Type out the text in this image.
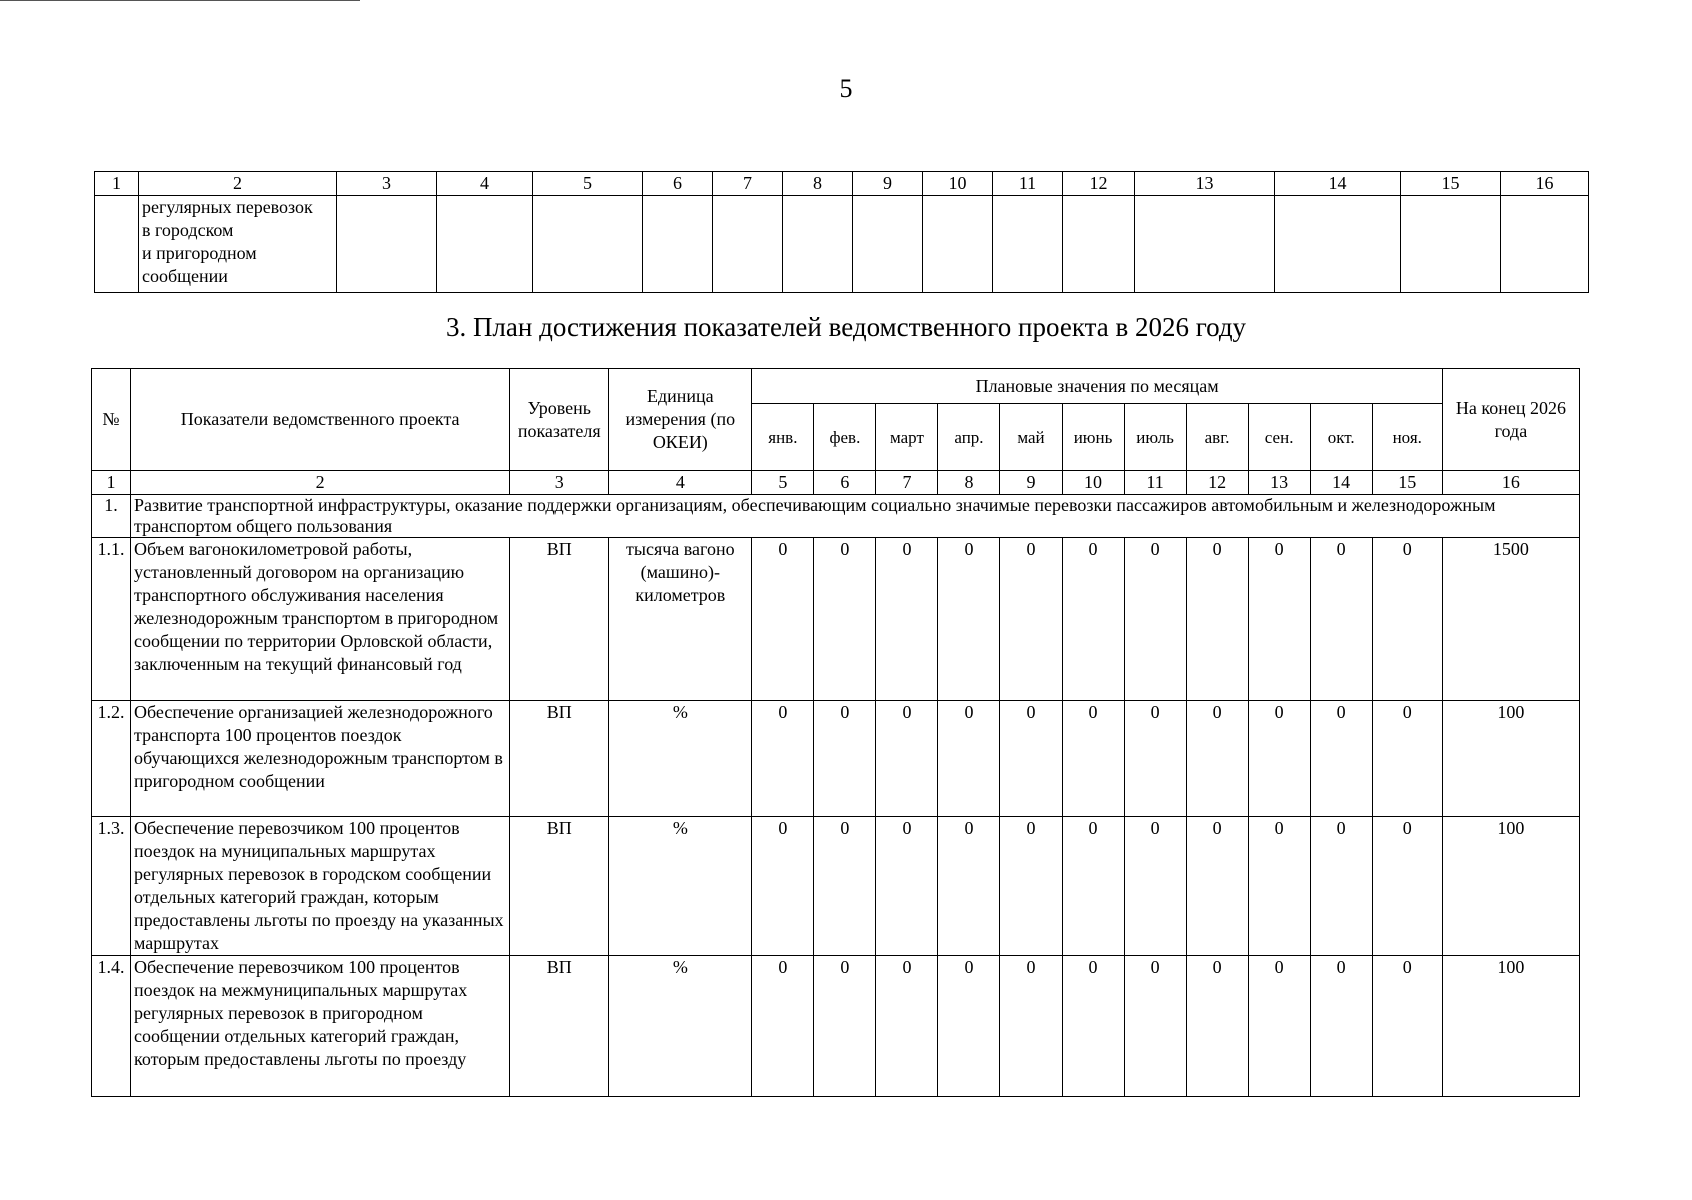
5
1	2	3	4	5	6	7	8	9	10	11	12	13	14	15	16

	регулярных перевозок
в городском
и пригородном
сообщении														

3. План достижения показателей ведомственного проекта в 2026 году
№	Показатели ведомственного проекта	Уровень показателя	Единица измерения (по ОКЕИ)	Плановые значения по месяцам											На конец 2026 года
				янв.	фев.	март	апр.	май	июнь	июль	авг.	сен.	окт.	ноя.	
1	2	3	4	5	6	7	8	9	10	11	12	13	14	15	16
1.	Развитие транспортной инфраструктуры, оказание поддержки организациям, обеспечивающим социально значимые перевозки пассажиров автомобильным и железнодорожным транспортом общего пользования														
1.1.	Объем вагонокилометровой работы, установленный договором на организацию транспортного обслуживания населения железнодорожным транспортом в пригородном сообщении по территории Орловской области, заключенным на текущий финансовый год	ВП	тысяча вагоно (машино)-километров	0	0	0	0	0	0	0	0	0	0	0	1500
1.2.	Обеспечение организацией железнодорожного транспорта 100 процентов поездок обучающихся железнодорожным транспортом в пригородном сообщении	ВП	%	0	0	0	0	0	0	0	0	0	0	0	100
1.3.	Обеспечение перевозчиком 100 процентов поездок на муниципальных маршрутах регулярных перевозок в городском сообщении отдельных категорий граждан, которым предоставлены льготы по проезду на указанных маршрутах	ВП	%	0	0	0	0	0	0	0	0	0	0	0	100
1.4.	Обеспечение перевозчиком 100 процентов поездок на межмуниципальных маршрутах регулярных перевозок в пригородном сообщении отдельных категорий граждан, которым предоставлены льготы по проезду	ВП	%	0	0	0	0	0	0	0	0	0	0	0	100
